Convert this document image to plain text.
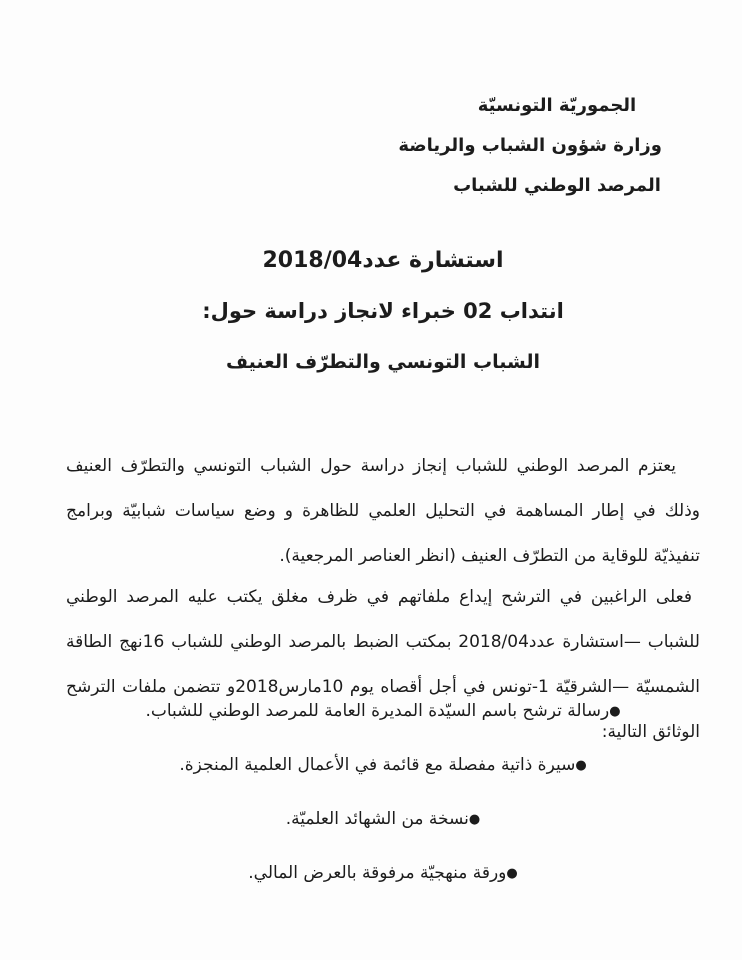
الجموريّة التونسيّة
وزارة شؤون الشباب والرياضة
المرصد الوطني للشباب
استشارة عدد2018/04
انتداب 02 خبراء لانجاز دراسة حول:
الشباب التونسي والتطرّف العنيف
يعتزم المرصد الوطني للشباب إنجاز دراسة حول الشباب التونسي والتطرّف العنيف وذلك في إطار المساهمة في التحليل العلمي للظاهرة و وضع سياسات شبابيّة وبرامج تنفيذيّة للوقاية من التطرّف العنيف (انظر العناصر المرجعية).
فعلى الراغبين في الترشح إيداع ملفاتهم في ظرف مغلق يكتب عليه المرصد الوطني للشباب —استشارة عدد2018/04 بمكتب الضبط بالمرصد الوطني للشباب 16نهج الطاقة الشمسيّة —الشرقيّة 1-تونس في أجل أقصاه يوم 10مارس2018و تتضمن ملفات الترشح الوثائق التالية:
●رسالة ترشح باسم السيّدة المديرة العامة للمرصد الوطني للشباب.
●سيرة ذاتية مفصلة مع قائمة في الأعمال العلمية المنجزة.
●نسخة من الشهائد العلميّة.
●ورقة منهجيّة مرفوقة بالعرض المالي.
